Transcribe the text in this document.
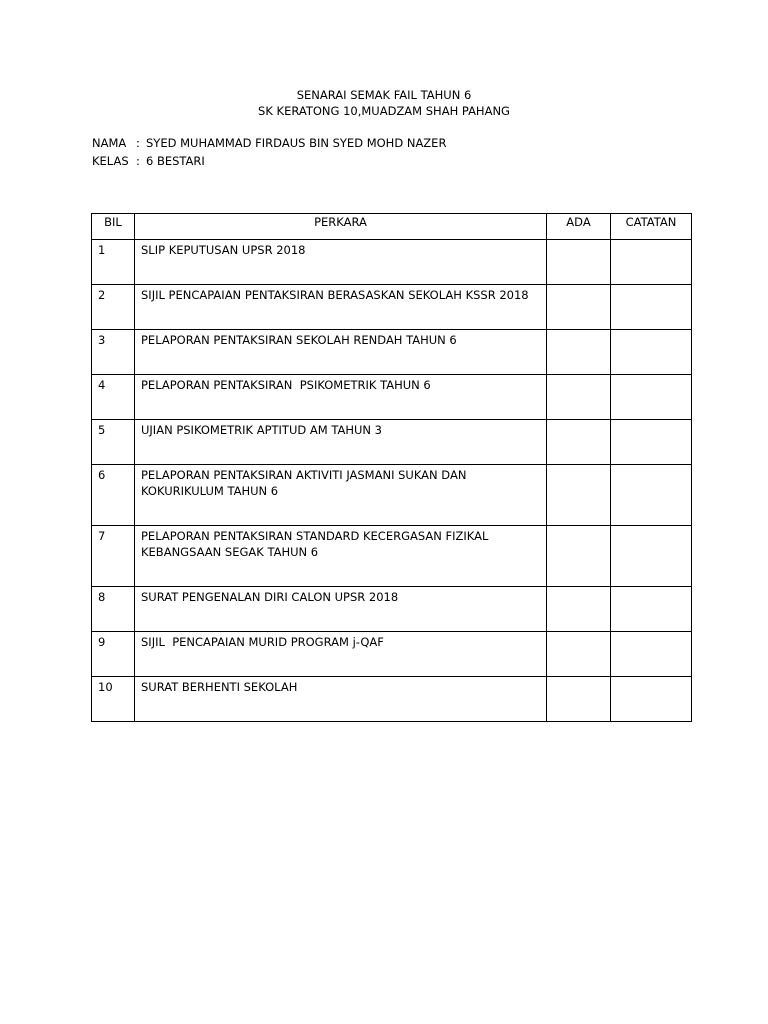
SENARAI SEMAK FAIL TAHUN 6
SK KERATONG 10,MUADZAM SHAH PAHANG
NAMA : SYED MUHAMMAD FIRDAUS BIN SYED MOHD NAZER
KELAS : 6 BESTARI
BIL	PERKARA	ADA	CATATAN
1	SLIP KEPUTUSAN UPSR 2018		
2	SIJIL PENCAPAIAN PENTAKSIRAN BERASASKAN SEKOLAH KSSR 2018		
3	PELAPORAN PENTAKSIRAN SEKOLAH RENDAH TAHUN 6		
4	PELAPORAN PENTAKSIRAN  PSIKOMETRIK TAHUN 6		
5	UJIAN PSIKOMETRIK APTITUD AM TAHUN 3		
6	PELAPORAN PENTAKSIRAN AKTIVITI JASMANI SUKAN DAN KOKURIKULUM TAHUN 6		
7	PELAPORAN PENTAKSIRAN STANDARD KECERGASAN FIZIKAL KEBANGSAAN SEGAK TAHUN 6		
8	SURAT PENGENALAN DIRI CALON UPSR 2018		
9	SIJIL  PENCAPAIAN MURID PROGRAM j-QAF		
10	SURAT BERHENTI SEKOLAH		
